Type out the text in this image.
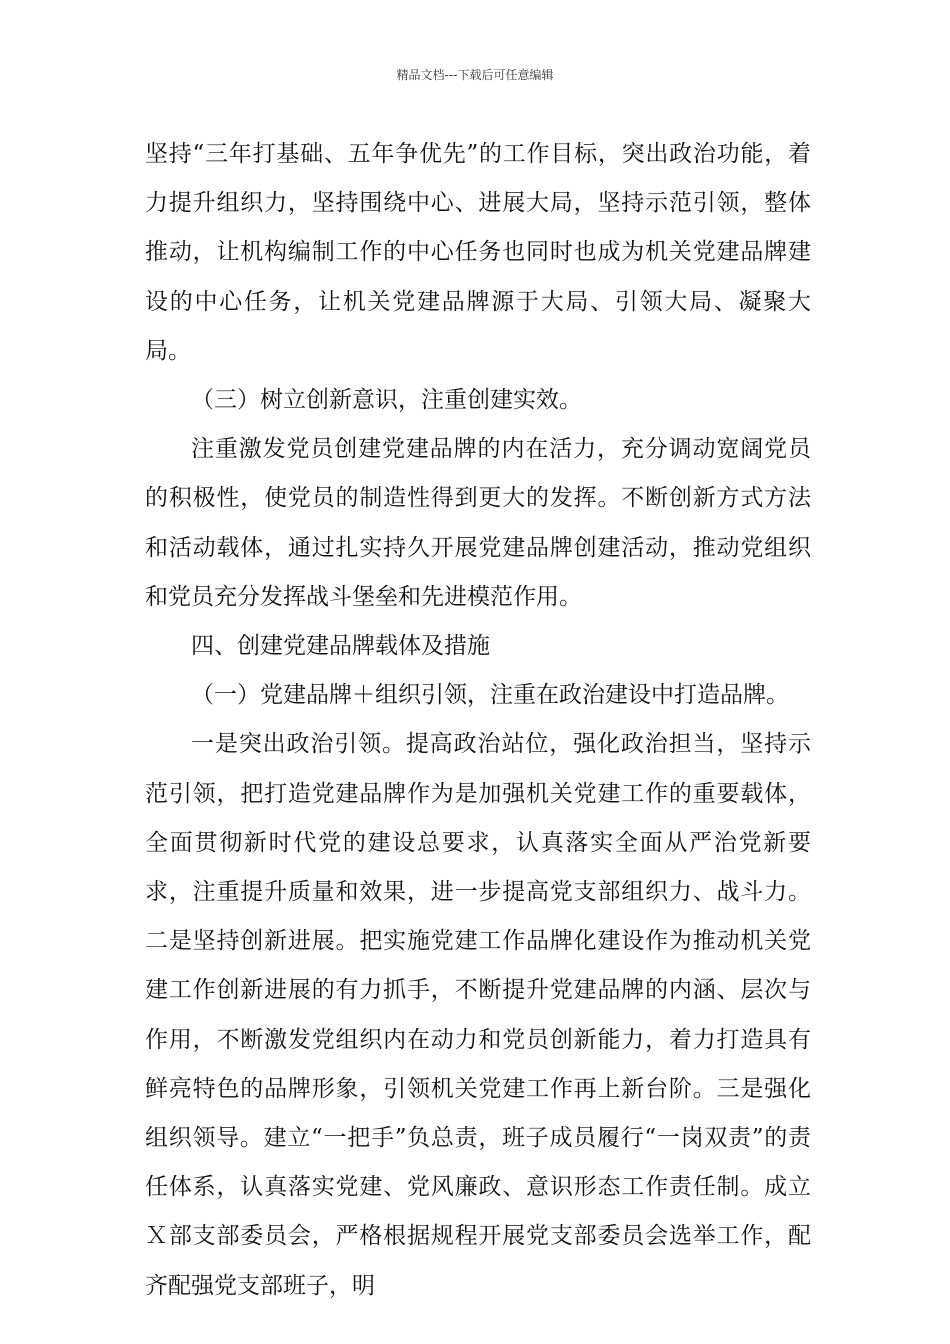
精品文档---下载后可任意编辑

坚持“三年打基础、五年争优先”的工作目标，突出政治功能，着力提升组织力，坚持围绕中心、进展大局，坚持示范引领，整体推动，让机构编制工作的中心任务也同时也成为机关党建品牌建设的中心任务，让机关党建品牌源于大局、引领大局、凝聚大局。

（三）树立创新意识，注重创建实效。

注重激发党员创建党建品牌的内在活力，充分调动宽阔党员的积极性，使党员的制造性得到更大的发挥。不断创新方式方法和活动载体，通过扎实持久开展党建品牌创建活动，推动党组织和党员充分发挥战斗堡垒和先进模范作用。

四、创建党建品牌载体及措施

（一）党建品牌＋组织引领，注重在政治建设中打造品牌。

一是突出政治引领。提高政治站位，强化政治担当，坚持示范引领，把打造党建品牌作为是加强机关党建工作的重要载体，全面贯彻新时代党的建设总要求，认真落实全面从严治党新要求，注重提升质量和效果，进一步提高党支部组织力、战斗力。二是坚持创新进展。把实施党建工作品牌化建设作为推动机关党建工作创新进展的有力抓手，不断提升党建品牌的内涵、层次与作用，不断激发党组织内在动力和党员创新能力，着力打造具有鲜亮特色的品牌形象，引领机关党建工作再上新台阶。三是强化组织领导。建立“一把手”负总责，班子成员履行“一岗双责”的责任体系，认真落实党建、党风廉政、意识形态工作责任制。成立Ｘ部支部委员会，严格根据规程开展党支部委员会选举工作，配齐配强党支部班子，明
